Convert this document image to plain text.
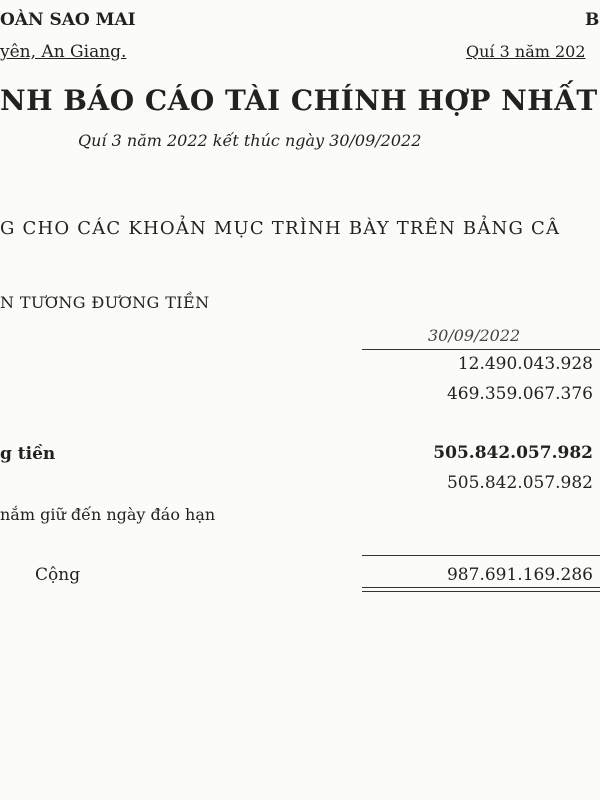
OÀN SAO MAI	B
yên, An Giang.	Quí 3 năm 202
NH BÁO CÁO TÀI CHÍNH HỢP NHẤT
Quí 3 năm 2022 kết thúc ngày 30/09/2022
G CHO CÁC KHOẢN MỤC TRÌNH BÀY TRÊN BẢNG CÂ
N TƯƠNG ĐƯƠNG TIỀN
30/09/2022
12.490.043.928
469.359.067.376
g tiền	505.842.057.982
505.842.057.982
nắm giữ đến ngày đáo hạn
Cộng	987.691.169.286
